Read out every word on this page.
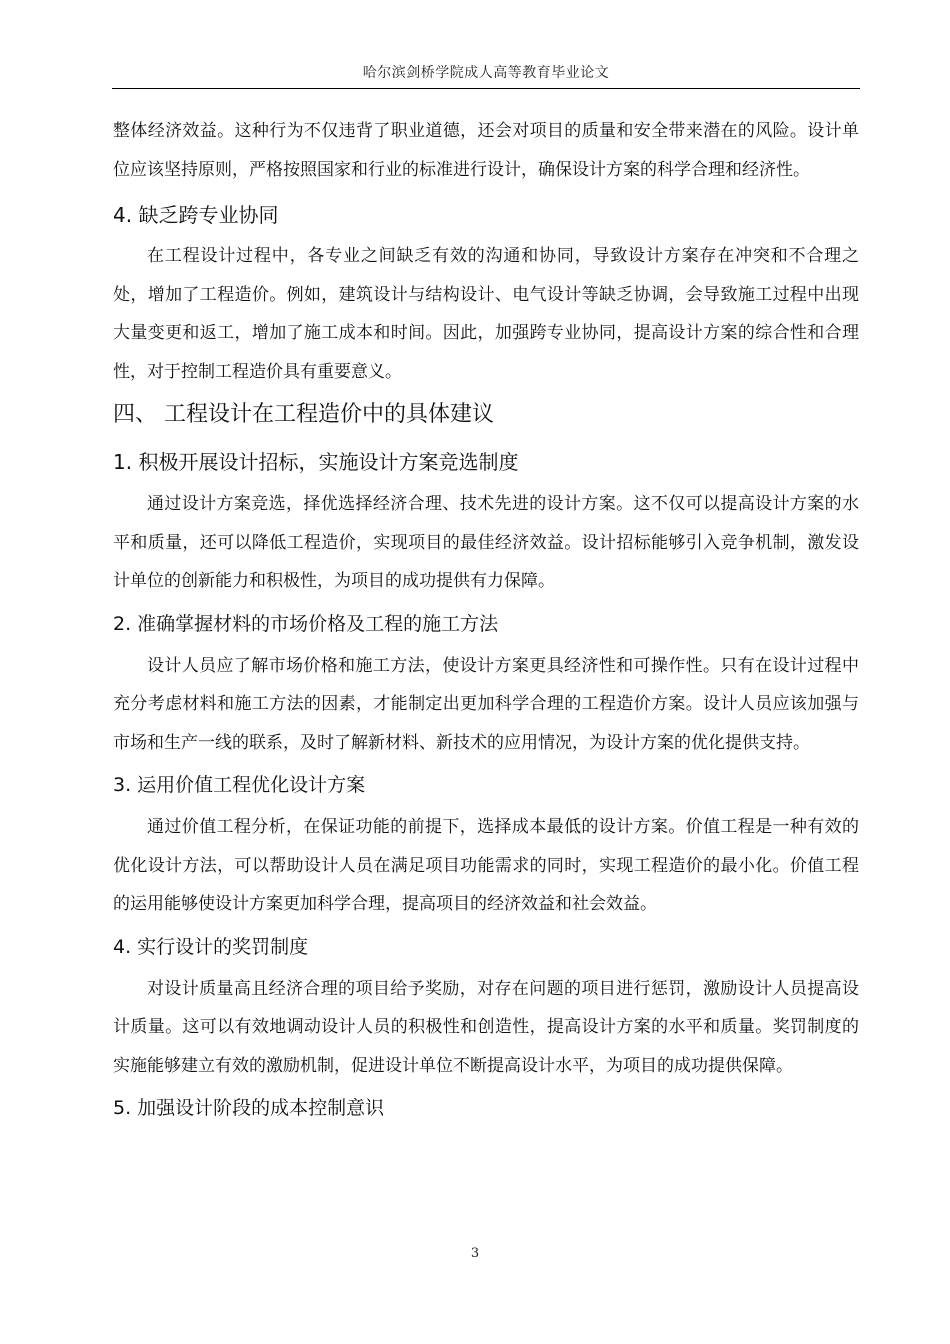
哈尔滨剑桥学院成人高等教育毕业论文

整体经济效益。这种行为不仅违背了职业道德，还会对项目的质量和安全带来潜在的风险。设计单位应该坚持原则，严格按照国家和行业的标准进行设计，确保设计方案的科学合理和经济性。

4. 缺乏跨专业协同

在工程设计过程中，各专业之间缺乏有效的沟通和协同，导致设计方案存在冲突和不合理之处，增加了工程造价。例如，建筑设计与结构设计、电气设计等缺乏协调，会导致施工过程中出现大量变更和返工，增加了施工成本和时间。因此，加强跨专业协同，提高设计方案的综合性和合理性，对于控制工程造价具有重要意义。

四、 工程设计在工程造价中的具体建议
1. 积极开展设计招标，实施设计方案竞选制度

通过设计方案竞选，择优选择经济合理、技术先进的设计方案。这不仅可以提高设计方案的水平和质量，还可以降低工程造价，实现项目的最佳经济效益。设计招标能够引入竞争机制，激发设计单位的创新能力和积极性，为项目的成功提供有力保障。

2. 准确掌握材料的市场价格及工程的施工方法

设计人员应了解市场价格和施工方法，使设计方案更具经济性和可操作性。只有在设计过程中充分考虑材料和施工方法的因素，才能制定出更加科学合理的工程造价方案。设计人员应该加强与市场和生产一线的联系，及时了解新材料、新技术的应用情况，为设计方案的优化提供支持。

3. 运用价值工程优化设计方案

通过价值工程分析，在保证功能的前提下，选择成本最低的设计方案。价值工程是一种有效的优化设计方法，可以帮助设计人员在满足项目功能需求的同时，实现工程造价的最小化。价值工程的运用能够使设计方案更加科学合理，提高项目的经济效益和社会效益。

4. 实行设计的奖罚制度

对设计质量高且经济合理的项目给予奖励，对存在问题的项目进行惩罚，激励设计人员提高设计质量。这可以有效地调动设计人员的积极性和创造性，提高设计方案的水平和质量。奖罚制度的实施能够建立有效的激励机制，促进设计单位不断提高设计水平，为项目的成功提供保障。

5. 加强设计阶段的成本控制意识
3
